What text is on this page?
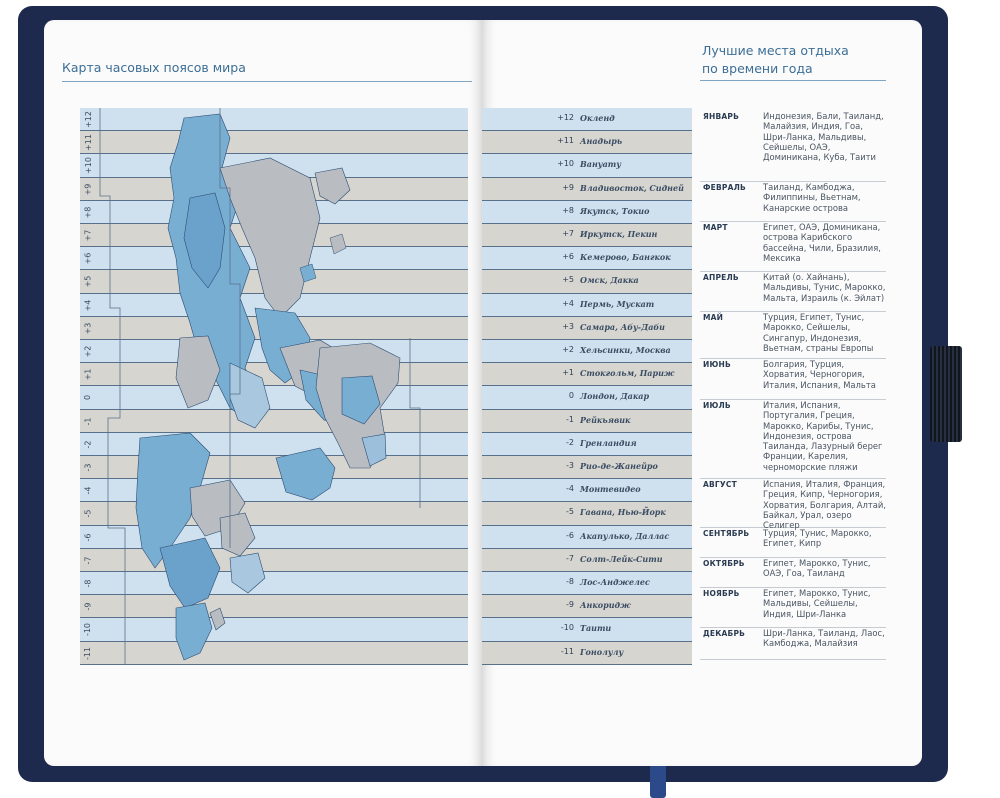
Карта часовых поясов мира
Лучшие места отдыха
по времени года
+12
+11
+10
+9
+8
+7
+6
+5
+4
+3
+2
+1
0
-1
-2
-3
-4
-5
-6
-7
-8
-9
-10
-11
+12 Окленд
+11 Анадырь
+10 Вануату
+9 Владивосток, Сидней
+8 Якутск, Токио
+7 Иркутск, Пекин
+6 Кемерово, Бангкок
+5 Омск, Дакка
+4 Пермь, Мускат
+3 Самара, Абу-Даби
+2 Хельсинки, Москва
+1 Стокгольм, Париж
0 Лондон, Дакар
-1 Рейкьявик
-2 Гренландия
-3 Рио-де-Жанейро
-4 Монтевидео
-5 Гавана, Нью-Йорк
-6 Акапулько, Даллас
-7 Солт-Лейк-Сити
-8 Лос-Анджелес
-9 Анкоридж
-10 Таити
-11 Гонолулу
ЯНВАРЬ	Индонезия, Бали, Таиланд, Малайзия, Индия, Гоа, Шри-Ланка, Мальдивы, Сейшелы, ОАЭ, Доминикана, Куба, Таити
ФЕВРАЛЬ Таиланд, Камбоджа, Филиппины, Вьетнам, Канарские острова
МАРТ	Египет, ОАЭ, Доминикана, острова Карибского бассейна, Чили, Бразилия, Мексика
АПРЕЛЬ	Китай (о. Хайнань), Мальдивы, Тунис, Марокко, Мальта, Израиль (к. Эйлат)
МАЙ	Турция, Египет, Тунис, Марокко, Сейшелы, Сингапур, Индонезия, Вьетнам, страны Европы
ИЮНЬ	Болгария, Турция, Хорватия, Черногория, Италия, Испания, Мальта
ИЮЛЬ	Италия, Испания, Португалия, Греция, Марокко, Карибы, Тунис, Индонезия, острова Таиланда, Лазурный берег Франции, Карелия, черноморские пляжи
АВГУСТ	Испания, Италия, Франция, Греция, Кипр, Черногория, Хорватия, Болгария, Алтай, Байкал, Урал, озеро Селигер
СЕНТЯБРЬ Турция, Тунис, Марокко, Египет, Кипр
ОКТЯБРЬ Египет, Марокко, Тунис, ОАЭ, Гоа, Таиланд
НОЯБРЬ	Египет, Марокко, Тунис, Мальдивы, Сейшелы, Индия, Шри-Ланка
ДЕКАБРЬ Шри-Ланка, Таиланд, Лаос, Камбоджа, Малайзия
